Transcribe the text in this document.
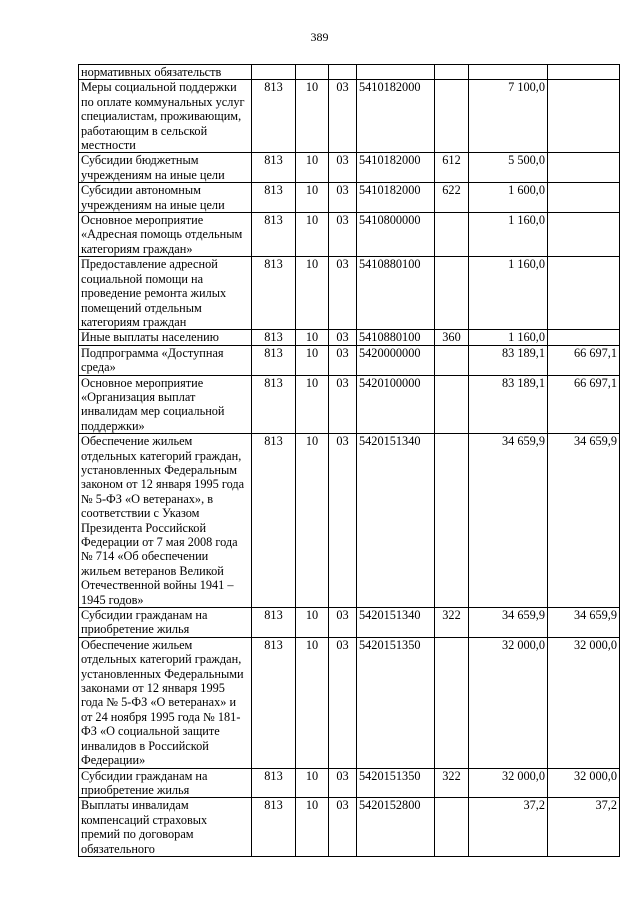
389
нормативных обязательств							
Меры социальной поддержки по оплате коммунальных услуг специалистам, проживающим, работающим в сельской местности	813	10	03	5410182000		7 100,0	
Субсидии бюджетным учреждениям на иные цели	813	10	03	5410182000	612	5 500,0	
Субсидии автономным учреждениям на иные цели	813	10	03	5410182000	622	1 600,0	
Основное мероприятие «Адресная помощь отдельным категориям граждан»	813	10	03	5410800000		1 160,0	
Предоставление адресной социальной помощи на проведение ремонта жилых помещений отдельным категориям граждан	813	10	03	5410880100		1 160,0	
Иные выплаты населению	813	10	03	5410880100	360	1 160,0	
Подпрограмма «Доступная среда»	813	10	03	5420000000		83 189,1	66 697,1
Основное мероприятие «Организация выплат инвалидам мер социальной поддержки»	813	10	03	5420100000		83 189,1	66 697,1
Обеспечение жильем отдельных категорий граждан, установленных Федеральным законом от 12 января 1995 года № 5-ФЗ «О ветеранах», в соответствии с Указом Президента Российской Федерации от 7 мая 2008 года № 714 «Об обеспечении жильем ветеранов Великой Отечественной войны 1941 – 1945 годов»	813	10	03	5420151340		34 659,9	34 659,9
Субсидии гражданам на приобретение жилья	813	10	03	5420151340	322	34 659,9	34 659,9
Обеспечение жильем отдельных категорий граждан, установленных Федеральными законами от 12 января 1995 года № 5-ФЗ «О ветеранах» и от 24 ноября 1995 года № 181-ФЗ «О социальной защите инвалидов в Российской Федерации»	813	10	03	5420151350		32 000,0	32 000,0
Субсидии гражданам на приобретение жилья	813	10	03	5420151350	322	32 000,0	32 000,0
Выплаты инвалидам компенсаций страховых премий по договорам обязательного	813	10	03	5420152800		37,2	37,2
